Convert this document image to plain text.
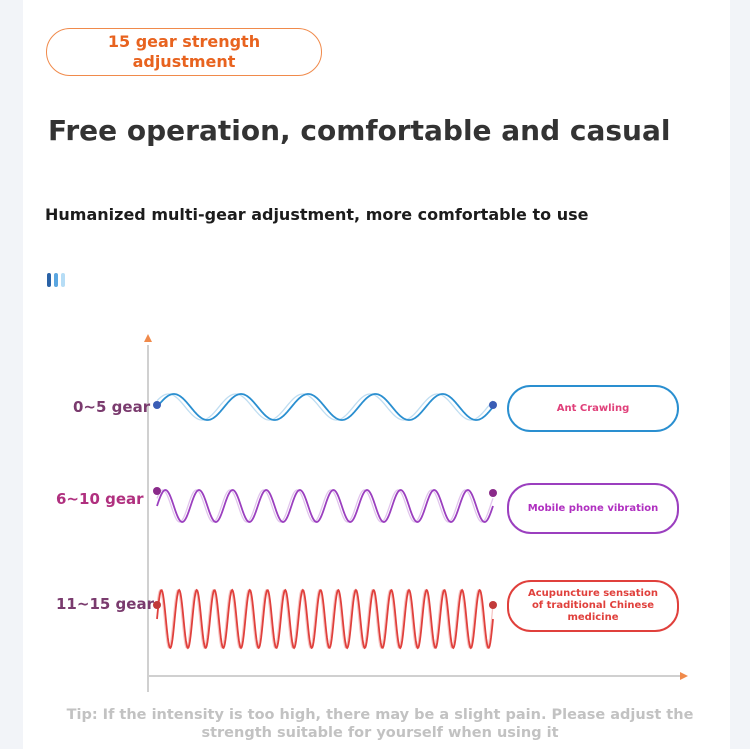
15 gear strength adjustment
Free operation, comfortable and casual
Humanized multi-gear adjustment, more comfortable to use
0~5 gear
6~10 gear
11~15 gear
Ant Crawling
Mobile phone vibration
Acupuncture sensation of traditional Chinese medicine

Tip: If the intensity is too high, there may be a slight pain. Please adjust the strength suitable for yourself when using it
